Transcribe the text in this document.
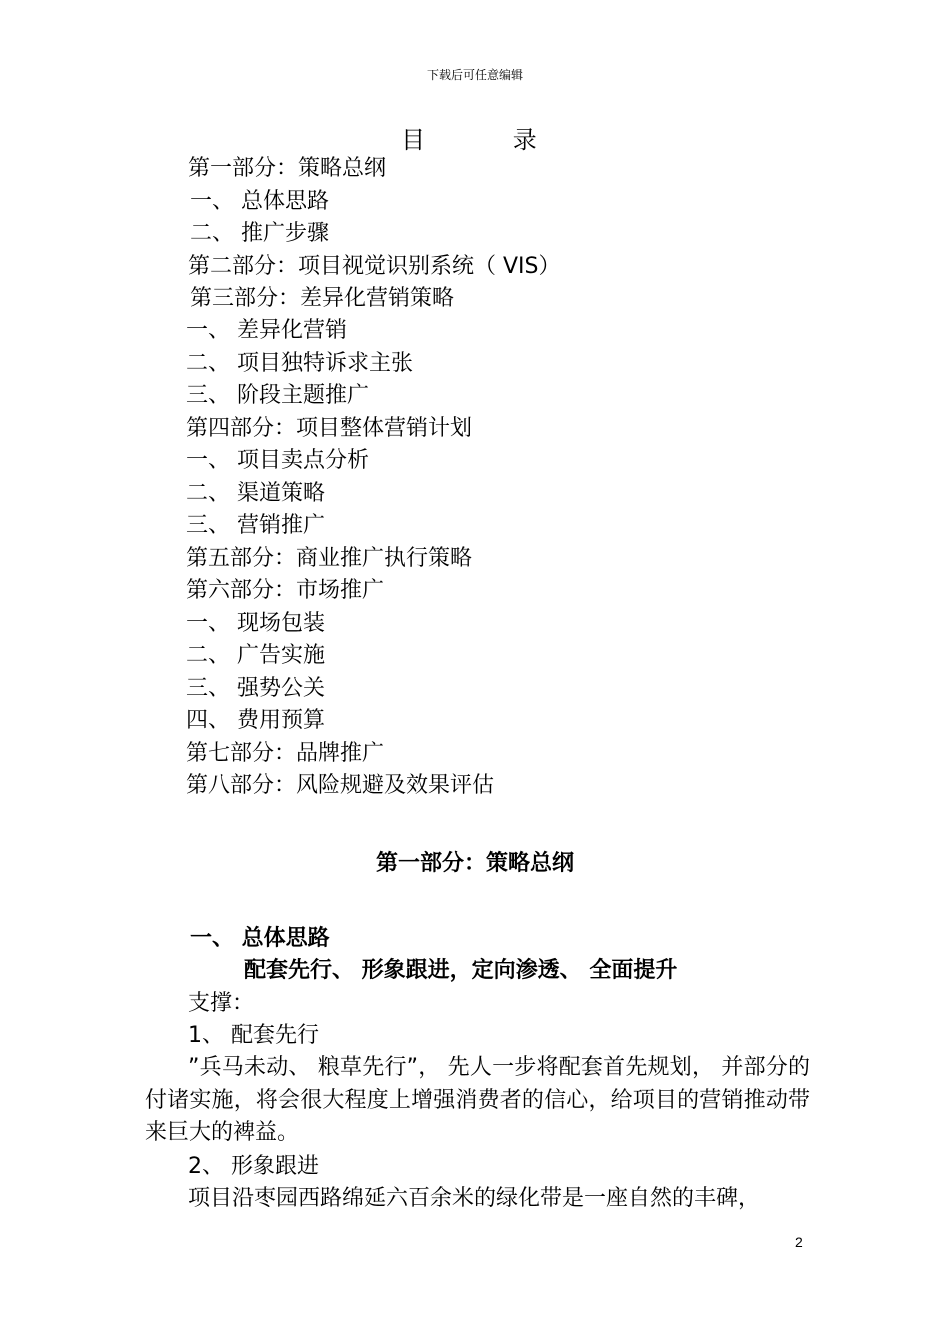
下载后可任意编辑
目 录
第一部分：策略总纲
一、 总体思路
二、 推广步骤
第二部分：项目视觉识别系统（ VIS）
第三部分：差异化营销策略
一、 差异化营销
二、 项目独特诉求主张
三、 阶段主题推广
第四部分：项目整体营销计划
一、 项目卖点分析
二、 渠道策略
三、 营销推广
第五部分：商业推广执行策略
第六部分：市场推广
一、 现场包装
二、 广告实施
三、 强势公关
四、 费用预算
第七部分：品牌推广
第八部分：风险规避及效果评估
第一部分：策略总纲
一、 总体思路
配套先行、 形象跟进，定向渗透、 全面提升
支撑：
1、 配套先行
”兵马未动、 粮草先行”， 先人一步将配套首先规划， 并部分的付诸实施，将会很大程度上增强消费者的信心，给项目的营销推动带来巨大的裨益。
2、 形象跟进
项目沿枣园西路绵延六百余米的绿化带是一座自然的丰碑，
2
